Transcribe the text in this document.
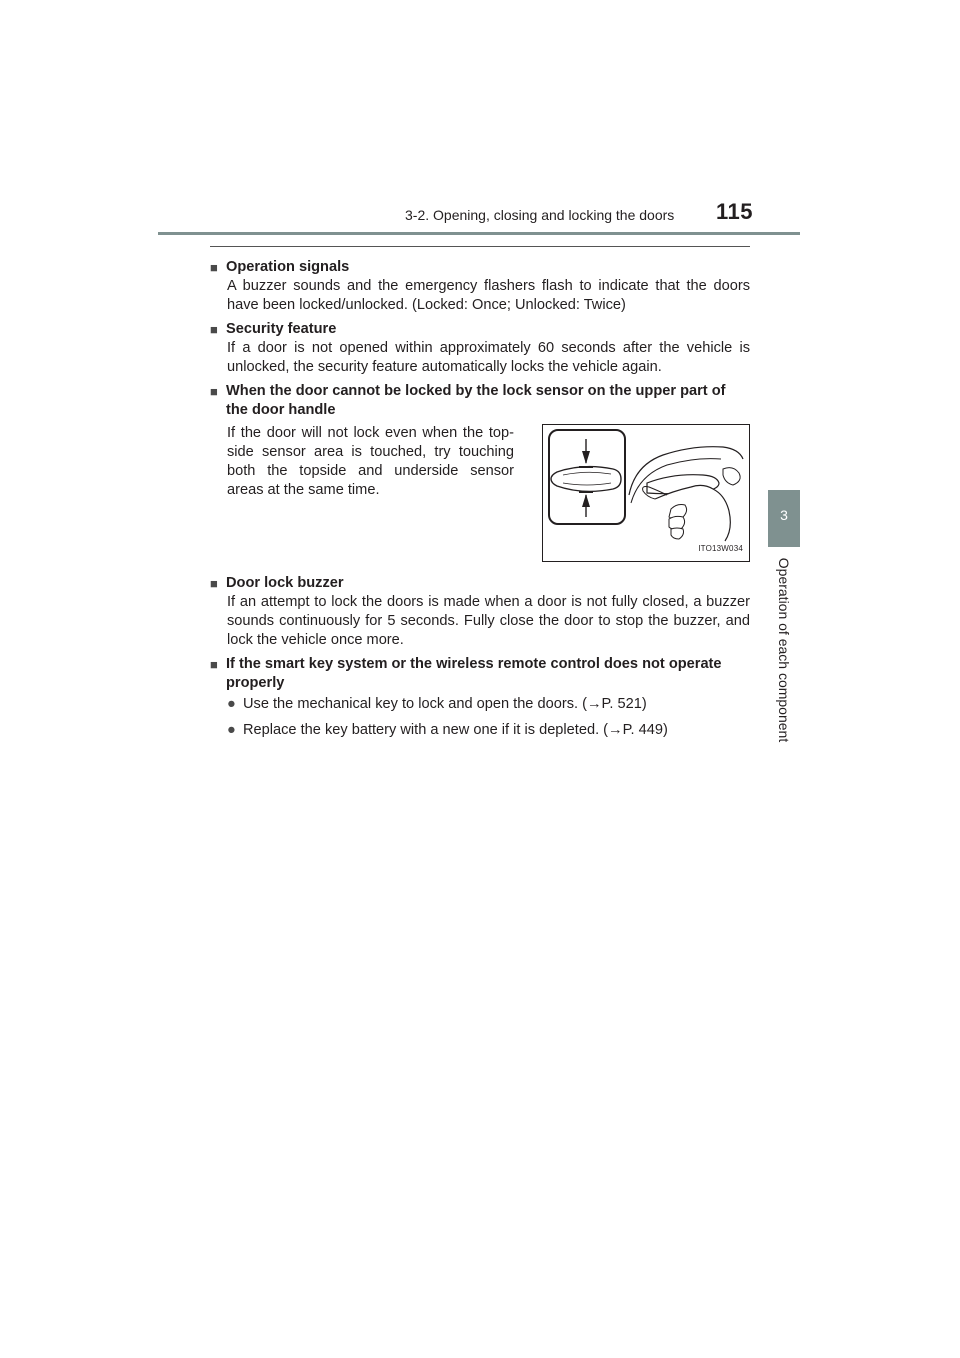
3-2. Opening, closing and locking the doors 115
3
Operation of each component
■ Operation signals
A buzzer sounds and the emergency flashers flash to indicate that the doors have been locked/unlocked. (Locked: Once; Unlocked: Twice)
■ Security feature
If a door is not opened within approximately 60 seconds after the vehicle is unlocked, the security feature automatically locks the vehicle again.
■ When the door cannot be locked by the lock sensor on the upper part of the door handle
If the door will not lock even when the top-side sensor area is touched, try touching both the topside and underside sensor areas at the same time.
ITO13W034
■ Door lock buzzer
If an attempt to lock the doors is made when a door is not fully closed, a buzzer sounds continuously for 5 seconds. Fully close the door to stop the buzzer, and lock the vehicle once more.
■ If the smart key system or the wireless remote control does not operate properly
● Use the mechanical key to lock and open the doors. (→P. 521)
● Replace the key battery with a new one if it is depleted. (→P. 449)
